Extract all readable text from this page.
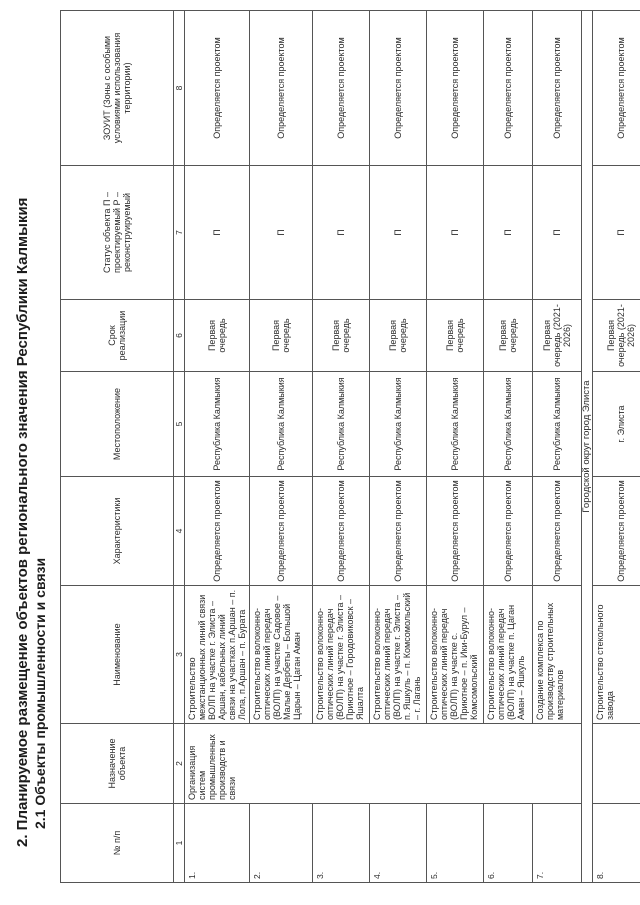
2. Планируемое размещение объектов регионального значения Республики Калмыкия 2.1 Объекты промышленности и связи
№ п/п	Назначение объекта	Наименование	Характеристики	Местоположение	Срок реализации	Статус объекта П – проектируемый Р – реконструируемый	ЗОУИТ (Зоны с особыми условиями использования территории)
1	2	3	4	5	6	7	8
1.	Организация систем промышленных производств и связи	Строительство межстанционных линий связи ВОЛП на участке г. Элиста – Аршан, кабельных линий связи на участках п.Аршан – п. Лола, п.Аршан – п. Бурата	Определяется проектом	Республика Калмыкия	Первая очередь	П	Определяется проектом
2.		Строительство волоконно-оптических линий передач (ВОЛП) на участке Садовое – Малые Дербеты – Большой Царын – Цаган Аман	Определяется проектом	Республика Калмыкия	Первая очередь	П	Определяется проектом
3.		Строительство волоконно-оптических линий передач (ВОЛП) на участке г. Элиста – Приютное – Городовиковск – Яшалта	Определяется проектом	Республика Калмыкия	Первая очередь	П	Определяется проектом
4.		Строительство волоконно-оптических линий передач (ВОЛП) на участке г. Элиста – п. Яшкуль – п. Комсомольский – г. Лагань	Определяется проектом	Республика Калмыкия	Первая очередь	П	Определяется проектом
5.		Строительство волоконно-оптических линий передач (ВОЛП) на участке с. Приютное – п. Ики-Бурул – Комсомольский	Определяется проектом	Республика Калмыкия	Первая очередь	П	Определяется проектом
6.		Строительство волоконно-оптических линий передач (ВОЛП) на участке п. Цаган Аман – Яшкуль	Определяется проектом	Республика Калмыкия	Первая очередь	П	Определяется проектом
7.		Создание комплекса по производству строительных материалов	Определяется проектом	Республика Калмыкия	Первая очередь (2021-2026)	П	Определяется проектом
Городской округ город Элиста							
8.		Строительство стекольного завода	Определяется проектом	г. Элиста	Первая очередь (2021-2026)	П	Определяется проектом
